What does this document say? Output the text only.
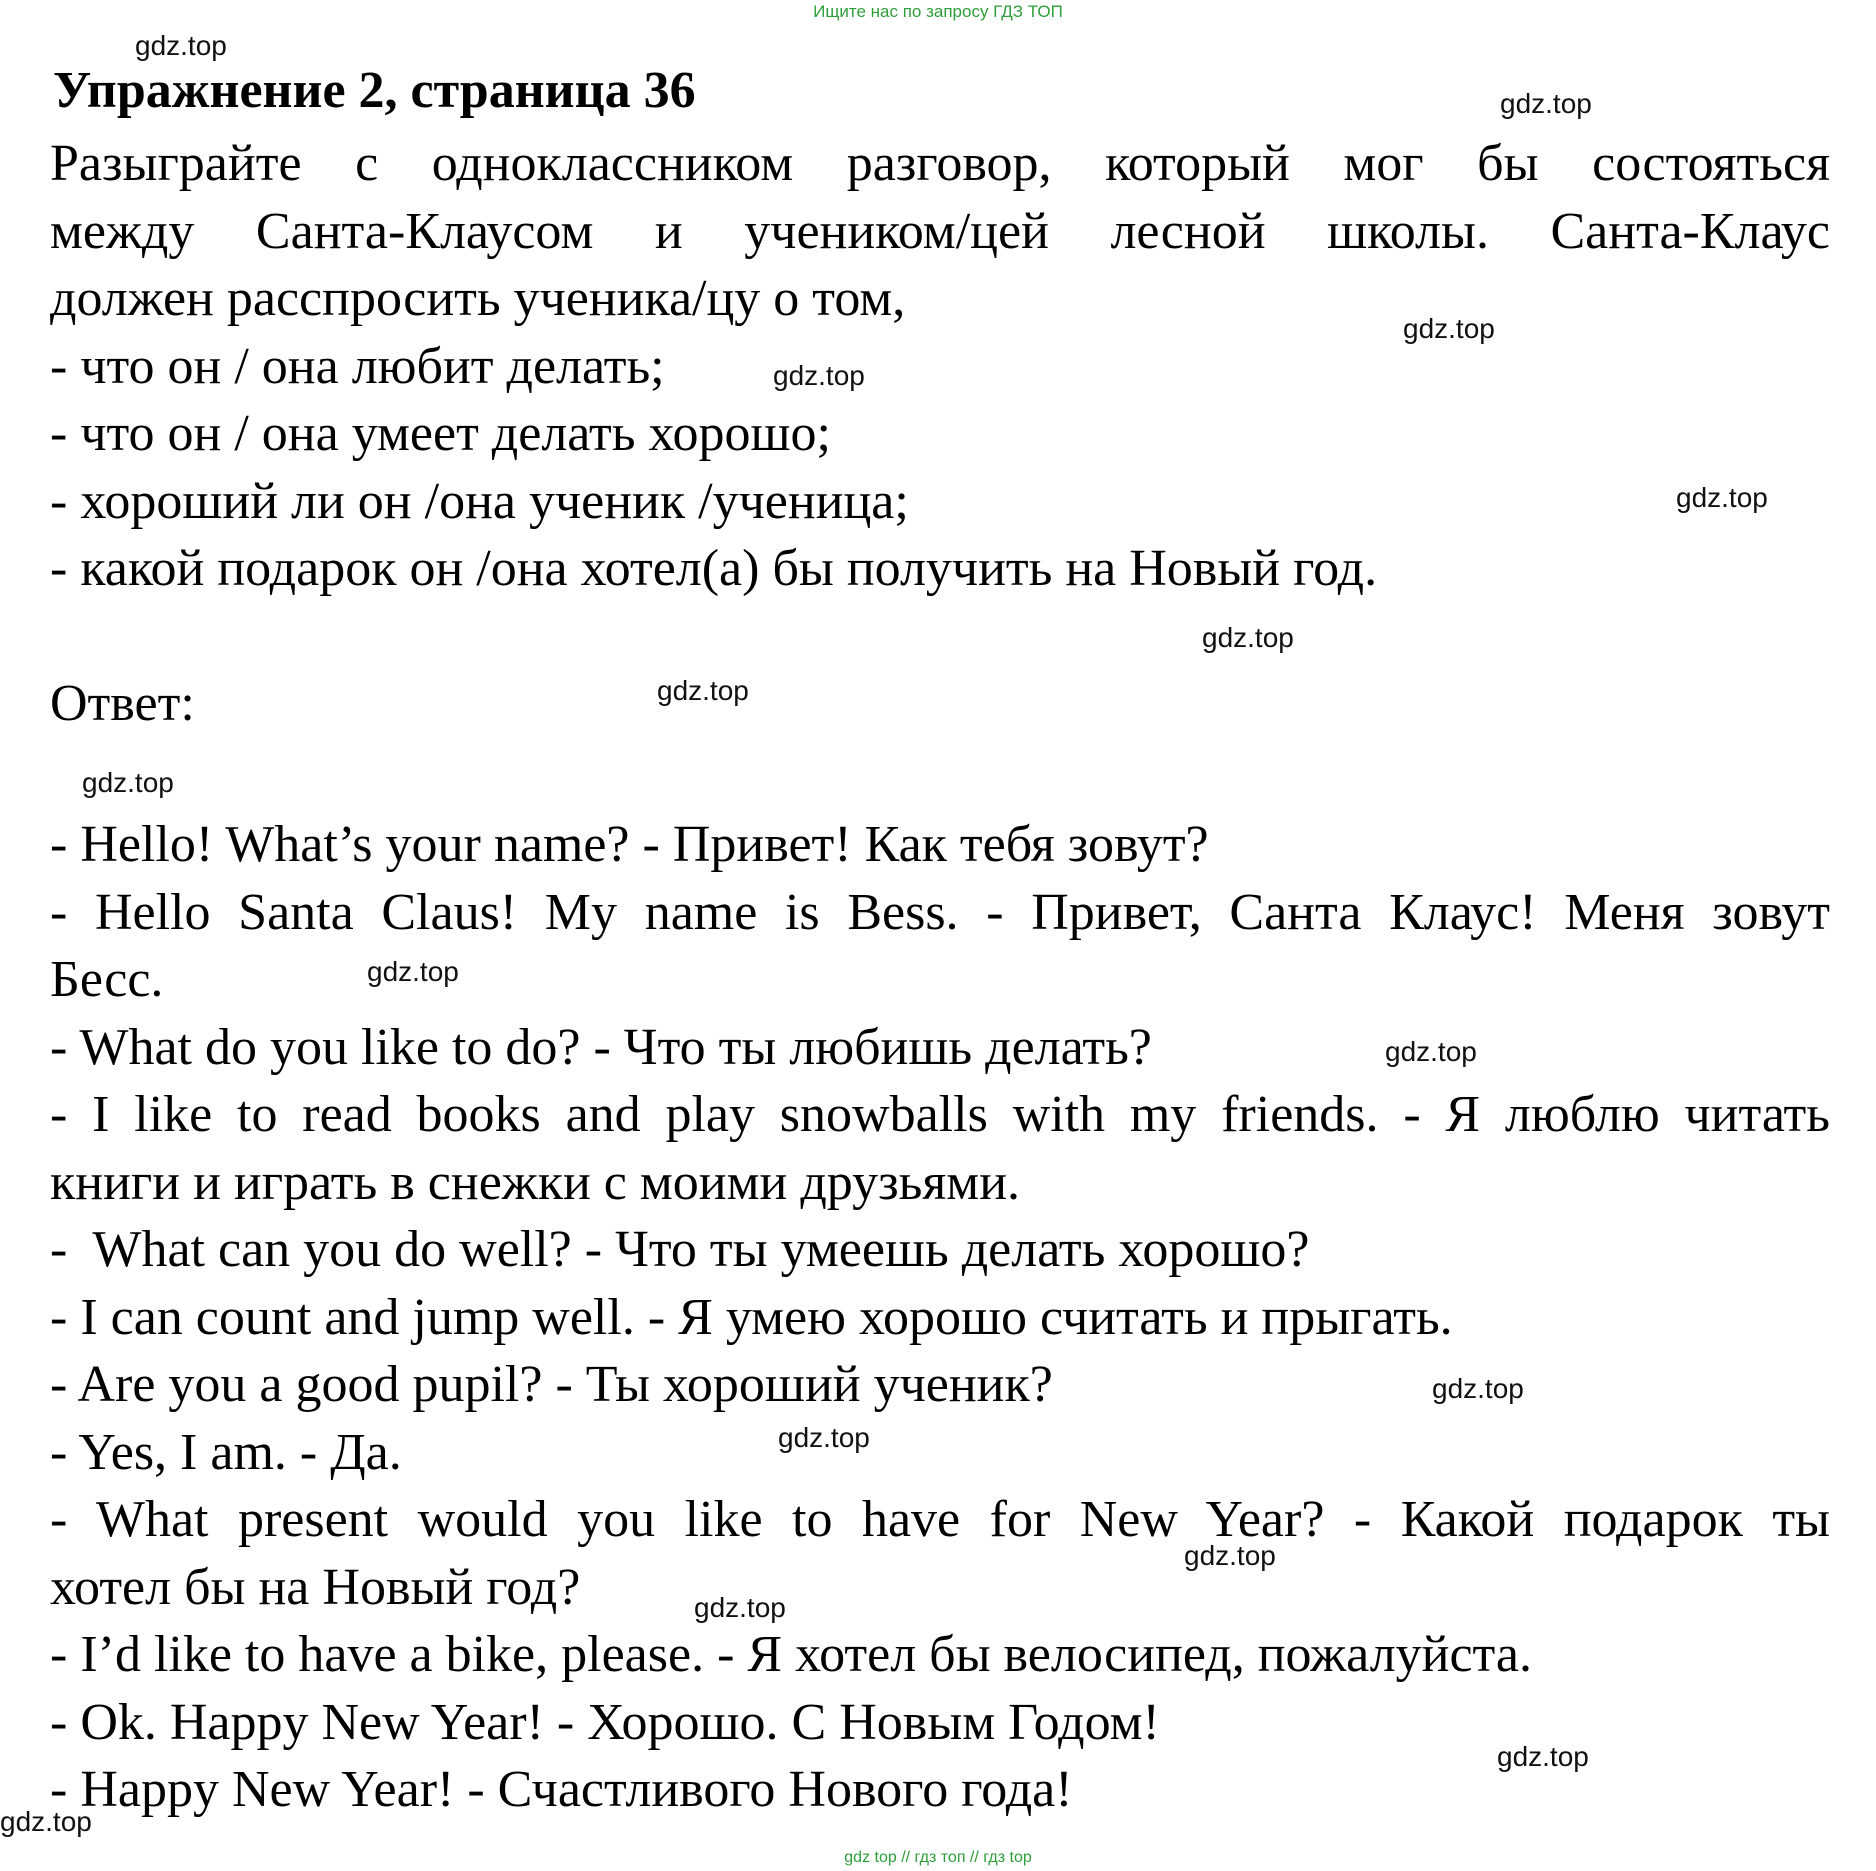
Ищите нас по запросу ГДЗ ТОП
Упражнение 2, страница 36

Разыграйте с одноклассником разговор, который мог бы состояться

между Санта-Клаусом и учеником/цей лесной школы. Санта-Клаус

должен расспросить ученика/цу о том,

- что он / она любит делать;

- что он / она умеет делать хорошо;

- хороший ли он /она ученик /ученица;

- какой подарок он /она хотел(а) бы получить на Новый год.

Ответ:

- Hello! What’s your name? - Привет! Как тебя зовут?

- Hello Santa Claus! My name is Bess. - Привет, Санта Клаус! Меня зовут

Бесс.

- What do you like to do? - Что ты любишь делать?

- I like to read books and play snowballs with my friends. - Я люблю читать

книги и играть в снежки с моими друзьями.

-  What can you do well? - Что ты умеешь делать хорошо?

- I can count and jump well. - Я умею хорошо считать и прыгать.

- Are you a good pupil? - Ты хороший ученик?

- Yes, I am. - Да.

- What present would you like to have for New Year? - Какой подарок ты

хотел бы на Новый год?

- I’d like to have a bike, please. - Я хотел бы велосипед, пожалуйста.

- Ok. Happy New Year! - Хорошо. С Новым Годом!

- Happy New Year! - Счастливого Нового года!

gdz.top
gdz.top
gdz.top
gdz.top
gdz.top
gdz.top
gdz.top
gdz.top
gdz.top
gdz.top
gdz.top
gdz.top
gdz.top
gdz.top
gdz.top
gdz.top
gdz top // гдз топ // гдз top
